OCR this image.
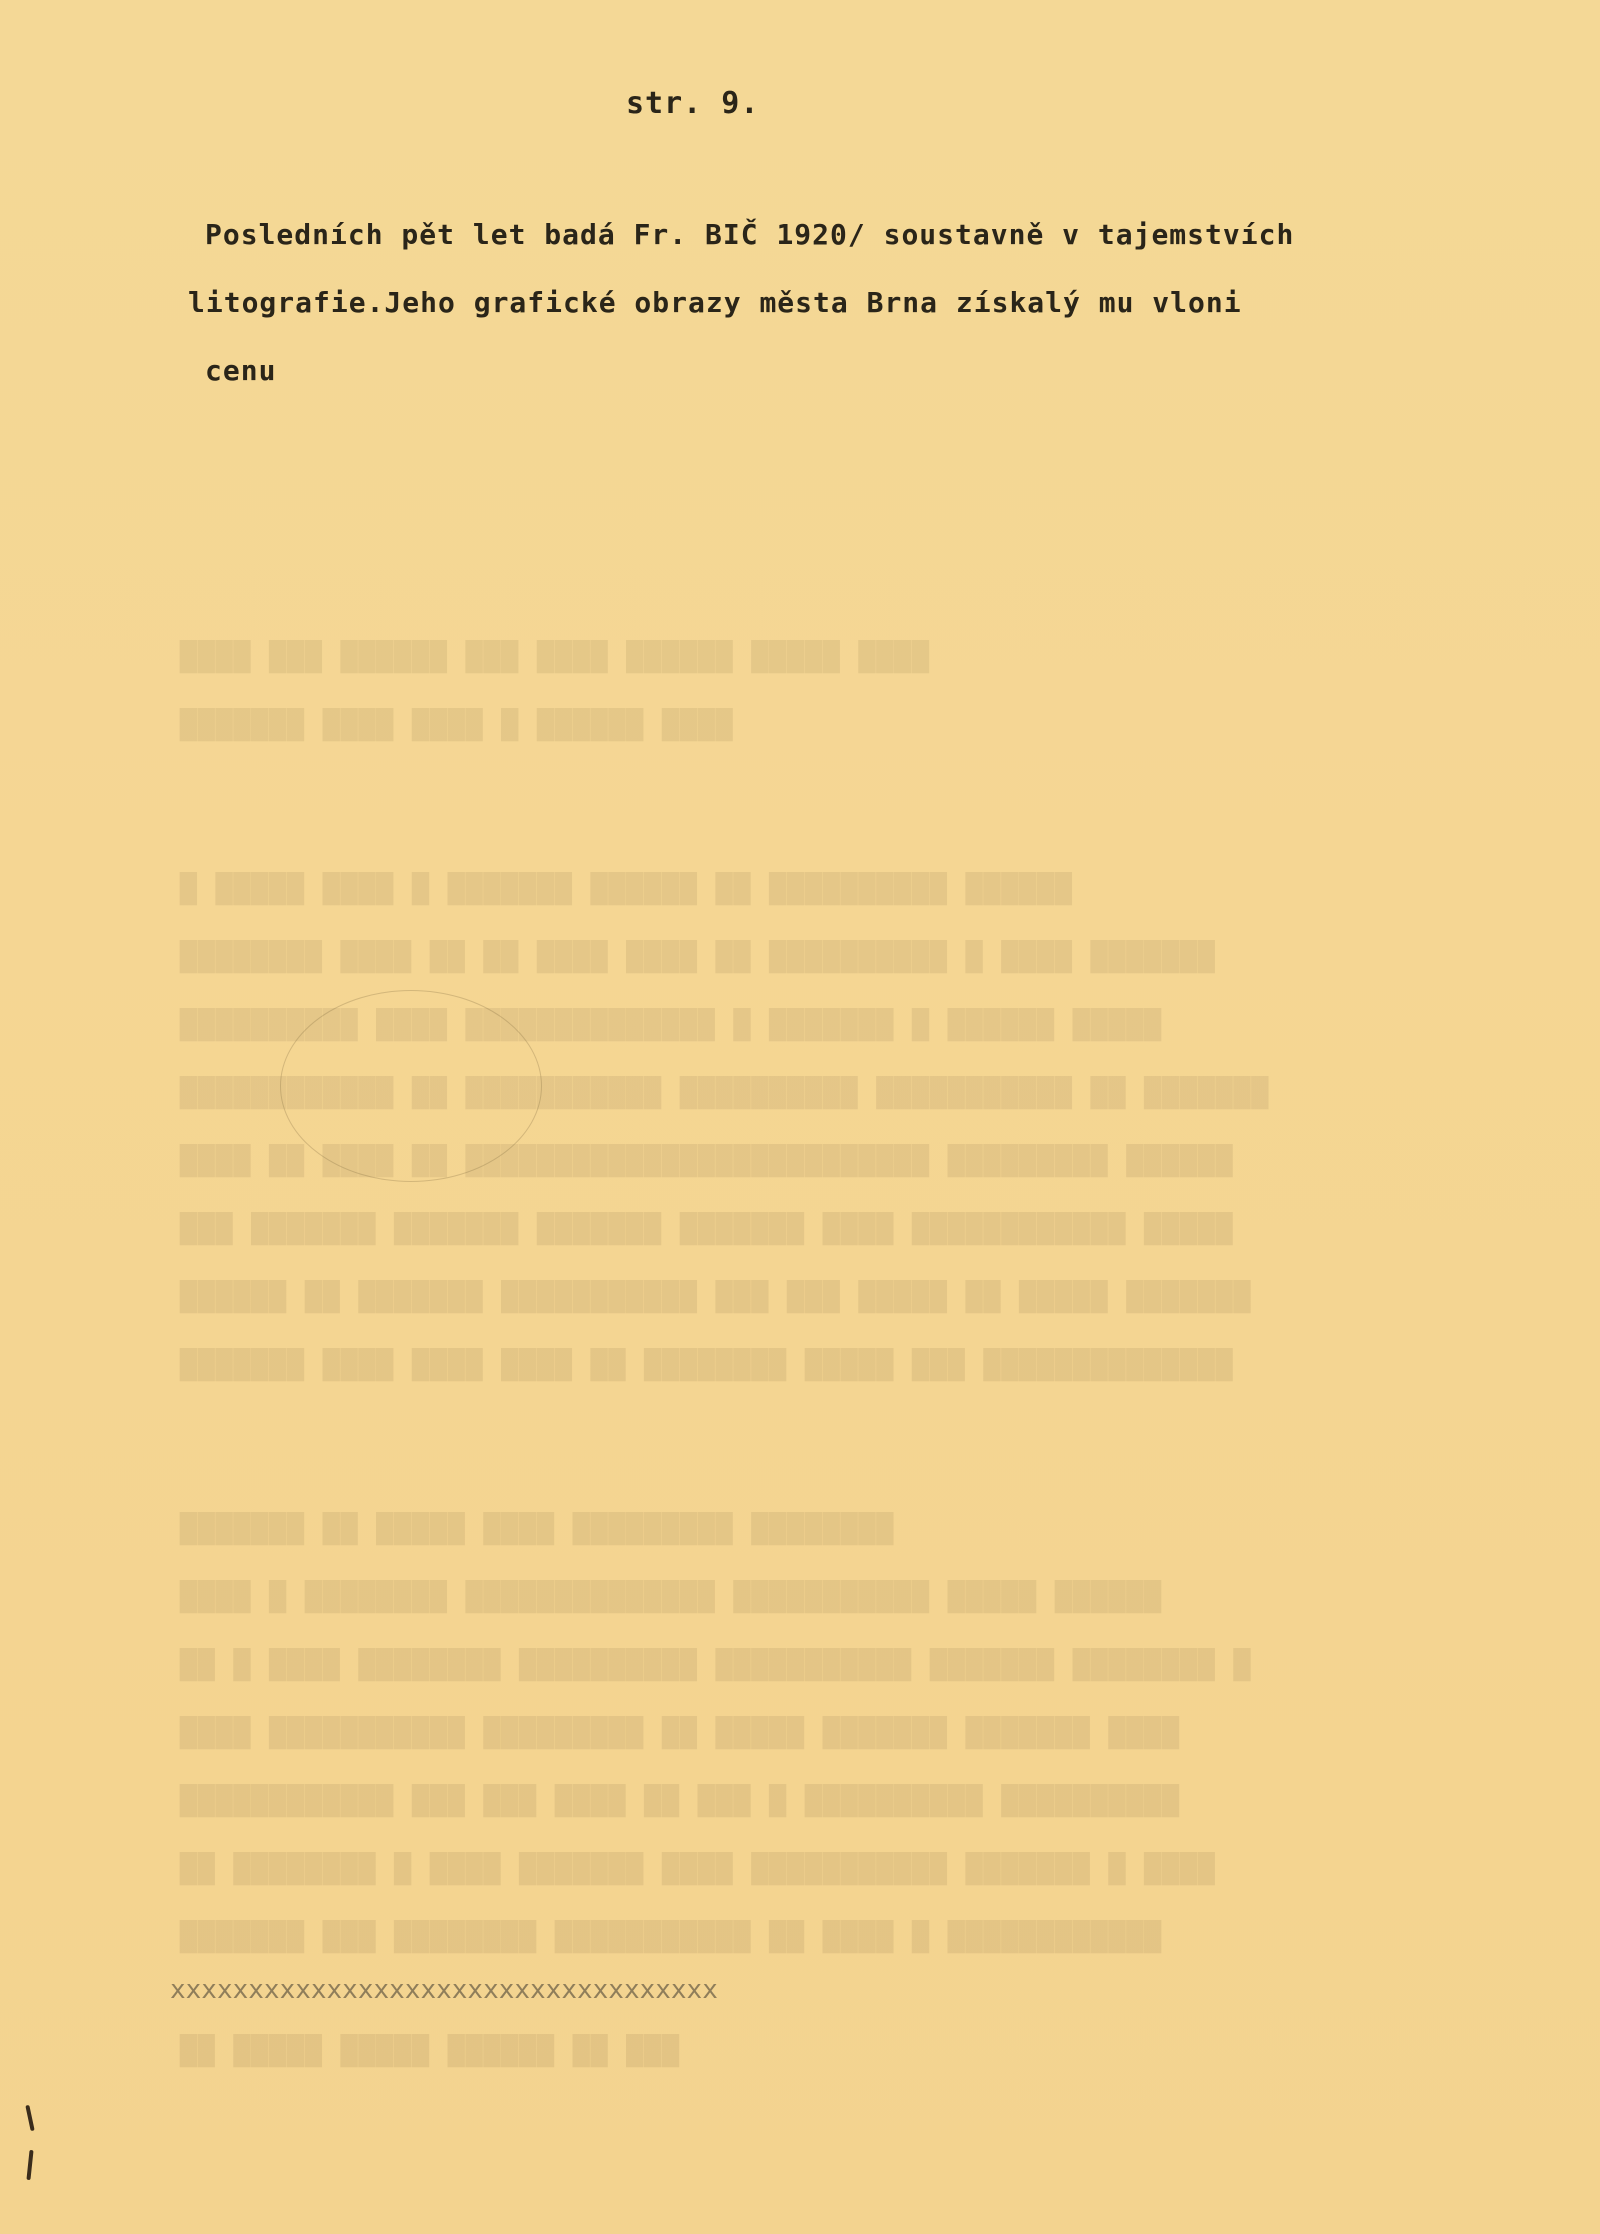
str. 9.
Posledních pět let badá Fr. BIČ 1920/ soustavně v tajemstvích
litografie.Jeho grafické obrazy města Brna získalý mu vloni
cenu
████ ███ ██████ ███ ████ ██████ █████ ████
███████ ████ ████ █ ██████ ████
█ █████ ████ █ ███████ ██████ ██ ██████████ ██████
████████ ████ ██ ██ ████ ████ ██ ██████████ █ ████ ███████
██████████ ████ ██████████████ █ ███████ █ ██████ █████
████████████ ██ ███████████ ██████████ ███████████ ██ ███████
████ ██ ████ ██ ██████████████████████████ █████████ ██████
███ ███████ ███████ ███████ ███████ ████ ████████████ █████
██████ ██ ███████ ███████████ ███ ███ █████ ██ █████ ███████
███████ ████ ████ ████ ██ ████████ █████ ███ ██████████████
███████ ██ █████ ████ █████████ ████████
████ █ ████████ ██████████████ ███████████ █████ ██████
██ █ ████ ████████ ██████████ ███████████ ███████ ████████ █
████ ███████████ █████████ ██ █████ ███████ ███████ ████
████████████ ███ ███ ████ ██ ███ █ ██████████ ██████████
██ ████████ █ ████ ███████ ████ ███████████ ███████ █ ████
███████ ███ ████████ ███████████ ██ ████ █ ████████████
██ █████ █████ ██████ ██ ███
xxxxxxxxxxxxxxxxxxxxxxxxxxxxxxxxxxx
